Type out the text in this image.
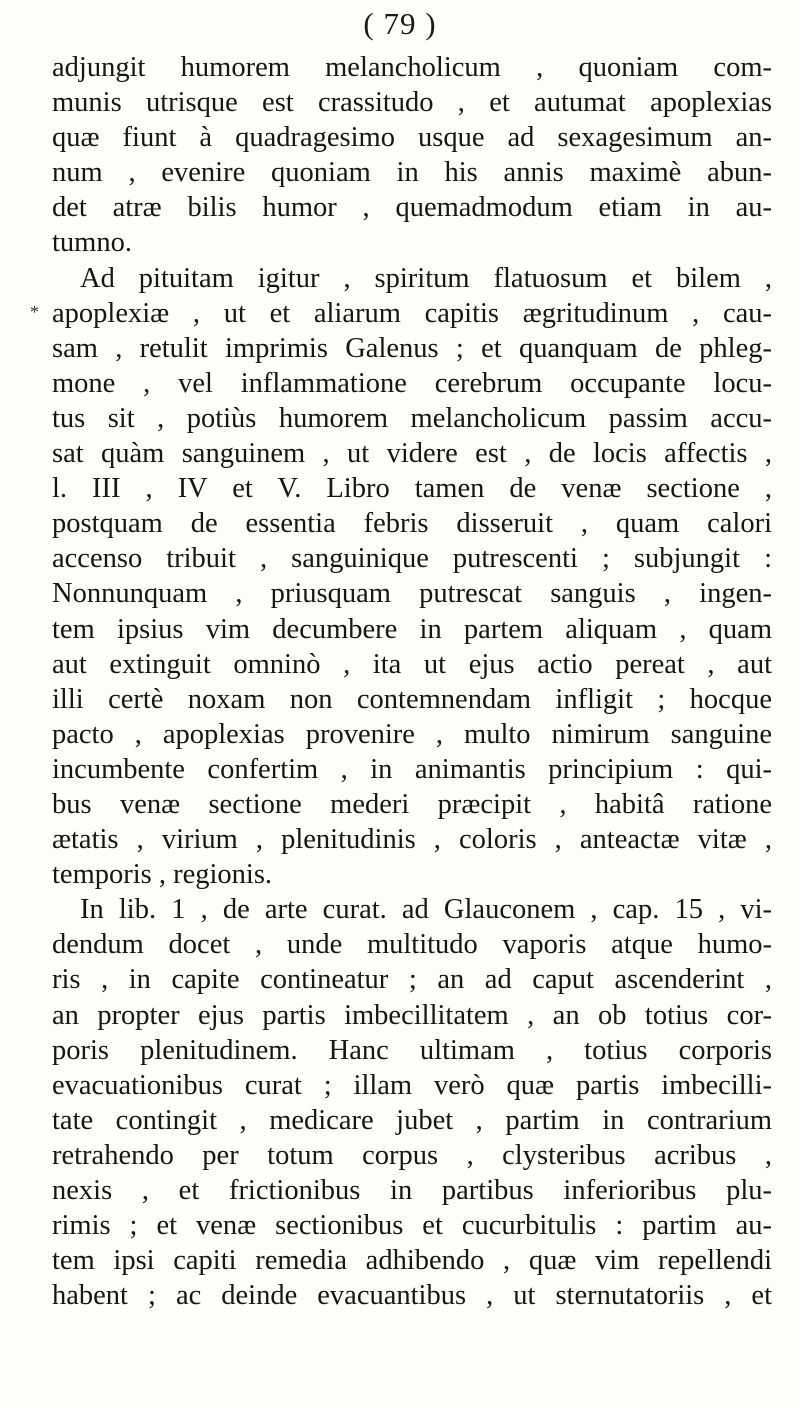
( 79 )
*
adjungit humorem melancholicum , quoniam com-
munis utrisque est crassitudo , et autumat apoplexias
quæ fiunt à quadragesimo usque ad sexagesimum an-
num , evenire quoniam in his annis maximè abun-
det atræ bilis humor , quemadmodum etiam in au-
tumno.
Ad pituitam igitur , spiritum flatuosum et bilem ,
apoplexiæ , ut et aliarum capitis ægritudinum , cau-
sam , retulit imprimis Galenus ; et quanquam de phleg-
mone , vel inflammatione cerebrum occupante locu-
tus sit , potiùs humorem melancholicum passim accu-
sat quàm sanguinem , ut videre est , de locis affectis ,
l. III , IV et V. Libro tamen de venæ sectione ,
postquam de essentia febris disseruit , quam calori
accenso tribuit , sanguinique putrescenti ; subjungit :
Nonnunquam , priusquam putrescat sanguis , ingen-
tem ipsius vim decumbere in partem aliquam , quam
aut extinguit omninò , ita ut ejus actio pereat , aut
illi certè noxam non contemnendam infligit ; hocque
pacto , apoplexias provenire , multo nimirum sanguine
incumbente confertim , in animantis principium : qui-
bus venæ sectione mederi præcipit , habitâ ratione
ætatis , virium , plenitudinis , coloris , anteactæ vitæ ,
temporis , regionis.
In lib. 1 , de arte curat. ad Glauconem , cap. 15 , vi-
dendum docet , unde multitudo vaporis atque humo-
ris , in capite contineatur ; an ad caput ascenderint ,
an propter ejus partis imbecillitatem , an ob totius cor-
poris plenitudinem. Hanc ultimam , totius corporis
evacuationibus curat ; illam verò quæ partis imbecilli-
tate contingit , medicare jubet , partim in contrarium
retrahendo per totum corpus , clysteribus acribus ,
nexis , et frictionibus in partibus inferioribus plu-
rimis ; et venæ sectionibus et cucurbitulis : partim au-
tem ipsi capiti remedia adhibendo , quæ vim repellendi
habent ; ac deinde evacuantibus , ut sternutatoriis , et
